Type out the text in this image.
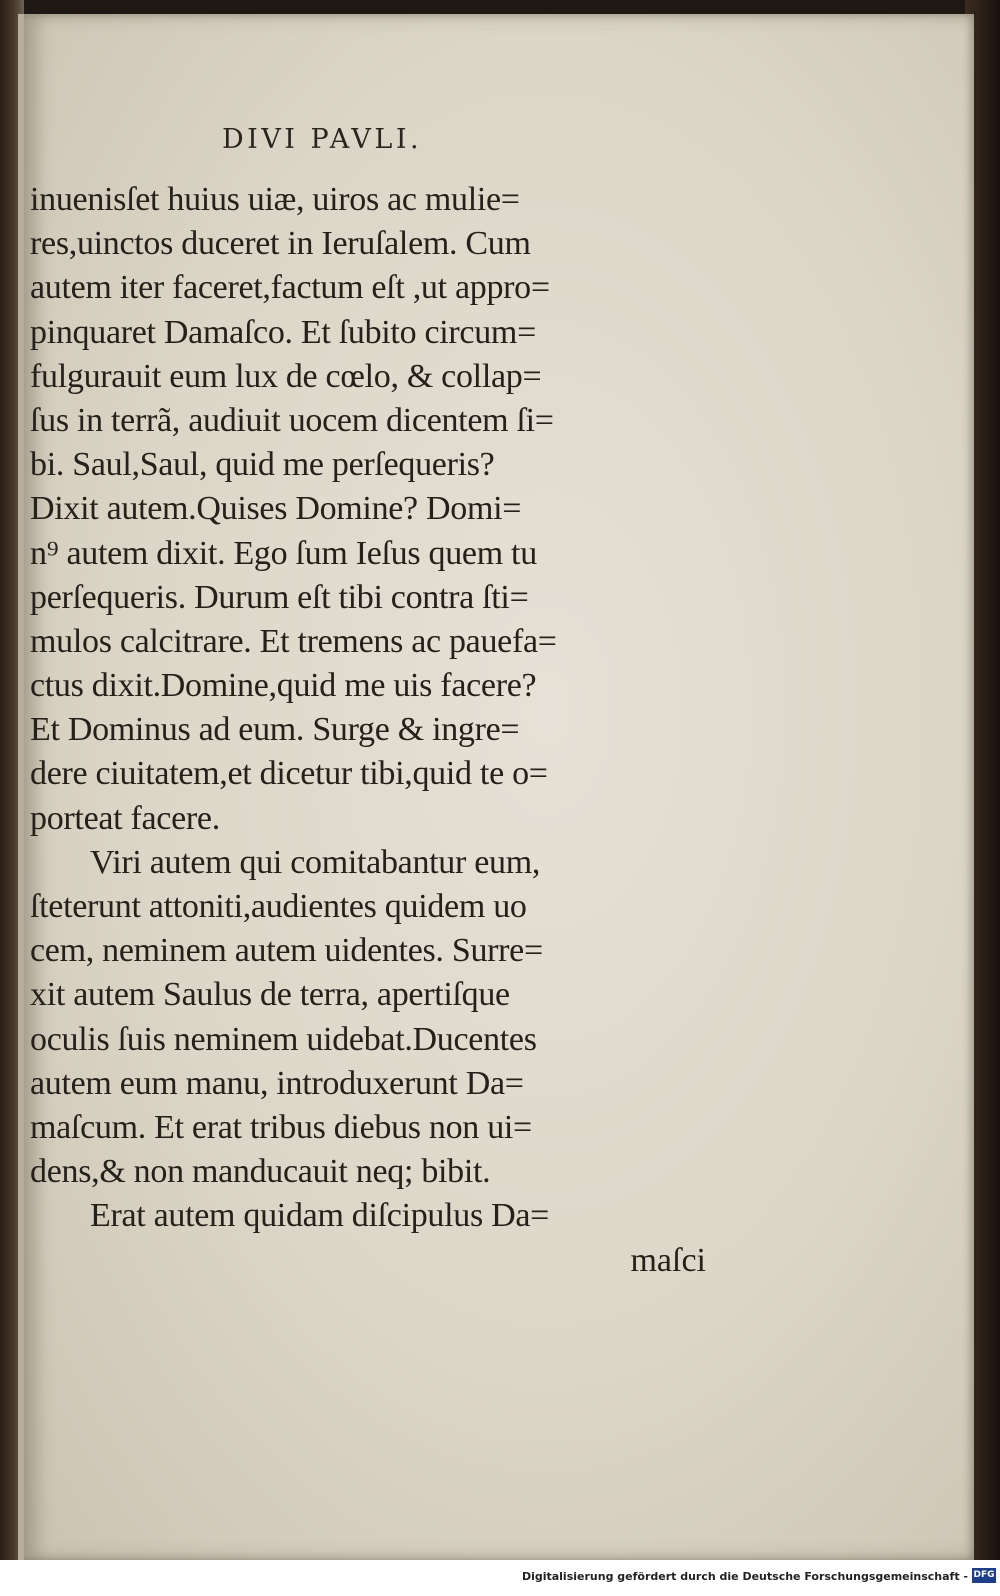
DIVI PAVLI.
inuenisſet huius uiæ, uiros ac mulie=
res,uinctos duceret in Ieruſalem. Cum
autem iter faceret,factum eſt ,ut appro=
pinquaret Damaſco. Et ſubito circum=
fulgurauit eum lux de cœlo, & collap=
ſus in terrã, audiuit uocem dicentem ſi=
bi. Saul,Saul, quid me perſequeris?
Dixit autem.Quises Domine? Domi=
n⁹ autem dixit. Ego ſum Ieſus quem tu
perſequeris. Durum eſt tibi contra ſti=
mulos calcitrare. Et tremens ac pauefa=
ctus dixit.Domine,quid me uis facere?
Et Dominus ad eum. Surge & ingre=
dere ciuitatem,et dicetur tibi,quid te o=
porteat facere.
Viri autem qui comitabantur eum,
ſteterunt attoniti,audientes quidem uo
cem, neminem autem uidentes. Surre=
xit autem Saulus de terra, apertiſque
oculis ſuis neminem uidebat.Ducentes
autem eum manu, introduxerunt Da=
maſcum. Et erat tribus diebus non ui=
dens,& non manducauit neq; bibit.
Erat autem quidam diſcipulus Da=
maſci
Digitalisierung gefördert durch die Deutsche Forschungsgemeinschaft - DFG
